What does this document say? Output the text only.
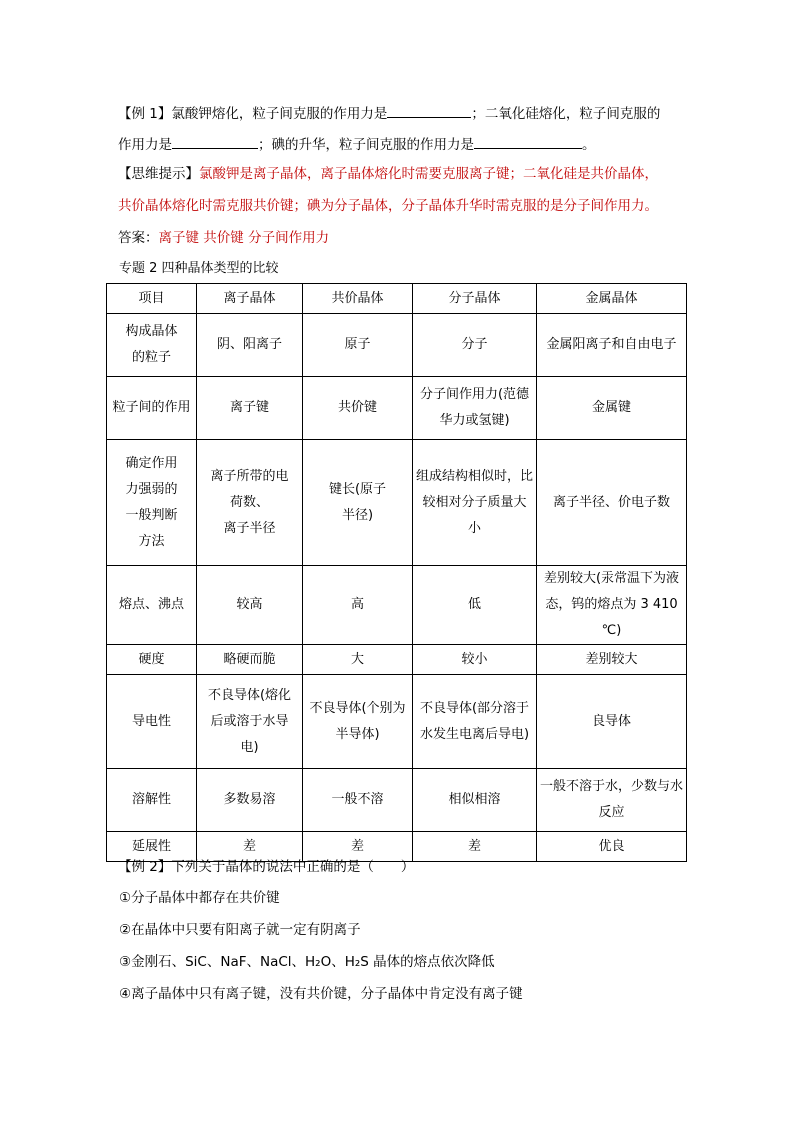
【例 1】氯酸钾熔化，粒子间克服的作用力是	；二氧化硅熔化，粒子间克服的
作用力是	；碘的升华，粒子间克服的作用力是	。
【思维提示】氯酸钾是离子晶体，离子晶体熔化时需要克服离子键；二氧化硅是共价晶体，
共价晶体熔化时需克服共价键；碘为分子晶体，分子晶体升华时需克服的是分子间作用力。
答案：离子键 共价键 分子间作用力
专题 2 四种晶体类型的比较
项目	离子晶体	共价晶体	分子晶体	金属晶体
构成晶体
的粒子	阴、阳离子	原子	分子	金属阳离子和自由电子
粒子间的作用	离子键	共价键	分子间作用力(范德
华力或氢键)	金属键
确定作用
力强弱的
一般判断
方法	离子所带的电
荷数、
离子半径	键长(原子
半径)	组成结构相似时，比
较相对分子质量大
小	离子半径、价电子数
熔点、沸点	较高	高	低	差别较大(汞常温下为液
态，钨的熔点为 3 410 ℃)
硬度	略硬而脆	大	较小	差别较大
导电性	不良导体(熔化
后或溶于水导
电)	不良导体(个别为
半导体)	不良导体(部分溶于
水发生电离后导电)	良导体
溶解性	多数易溶	一般不溶	相似相溶	一般不溶于水，少数与水
反应
延展性	差	差	差	优良
【例 2】下列关于晶体的说法中正确的是（　　）
①分子晶体中都存在共价键
②在晶体中只要有阳离子就一定有阴离子
③金刚石、SiC、NaF、NaCl、H₂O、H₂S 晶体的熔点依次降低
④离子晶体中只有离子键，没有共价键，分子晶体中肯定没有离子键
